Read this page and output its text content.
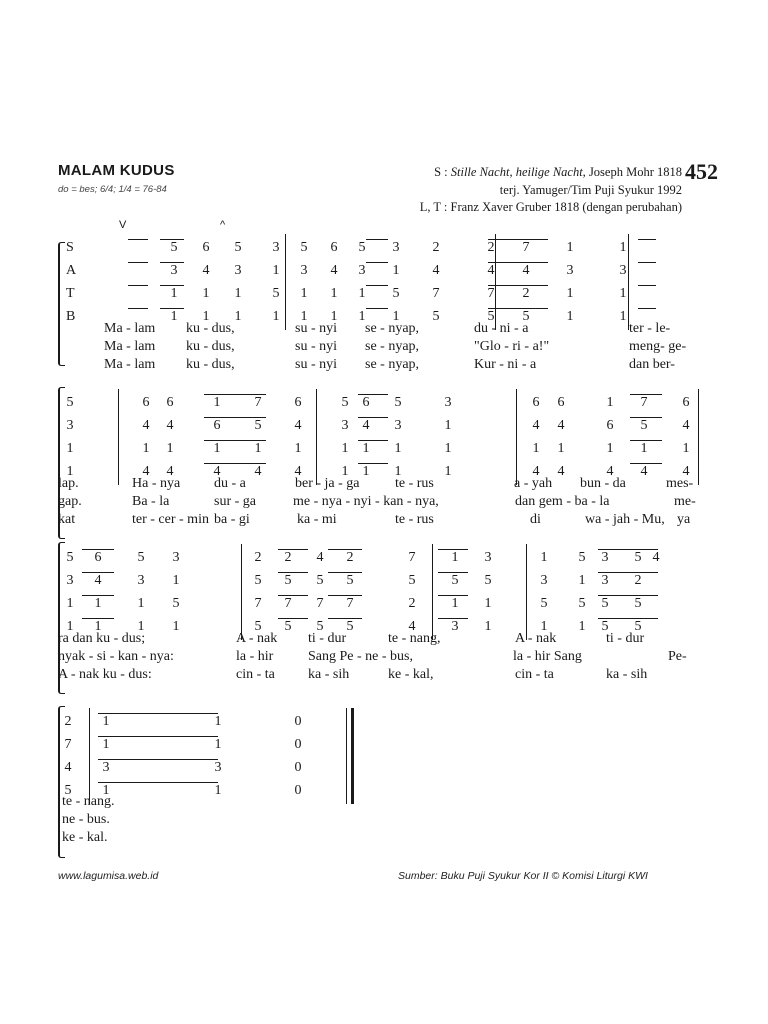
MALAM KUDUS
do = bes; 6/4; 1/4 = 76-84
S : Stille Nacht, heilige Nacht, Joseph Mohr 1818
terj. Yamuger/Tim Puji Syukur 1992
L, T : Franz Xaver Gruber 1818 (dengan perubahan)
452
V	^
S	5	6	5	3	5	6	5	3	2	2	7	1	1
A	3	4	3	1	3	4	3	1	4	4	4	3	3
T	1	1	1	5	1	1	1	5	7	7	2	1	1
B	1	1	1	1	1	1	1	1	5	5	5	1	1
Ma - lam ku - dus,	su - nyi se - nyap,	du - ni - a	ter - le-
Ma - lam ku - dus,	su - nyi se - nyap,	"Glo - ri - a!"	meng- ge-
Ma - lam ku - dus,	su - nyi se - nyap,	Kur - ni - a	dan ber-
5	6	6	1	7	6	5	6	5	3	6	6	1	7	6
3	4	4	6	5	4	3	4	3	1	4	4	6	5	4
1	1	1	1	1	1	1	1	1	1	1	1	1	1	1
1	4	4	4	4	4	1	1	1	1	4	4	4	4	4
lap.	Ha - nya du - a	ber - ja - ga	te - rus	a - yah bun - da	mes-
gap.	Ba - la	sur - ga	me - nya - nyi - kan - nya,	dan gem - ba - la	me-
kat	ter - cer - min ba - gi	ka - mi	te - rus	di	wa - jah - Mu, ya
5	6	5	3	2	2	4	2	7	1	3	1	5	3	5 4
3	4	3	1	5	5	5	5	5	5	5	3	1	3	2
1	1	1	5	7	7	7	7	2	1	1	5	5	5	5
1	1	1	1	5	5	5	5	4	3	1	1	1	5	5
ra dan ku - dus;	A - nak ti - dur	te - nang,	A - nak	ti - dur
nyak - si - kan - nya:	la - hir Sang Pe - ne - bus,	la - hir Sang	Pe-
A - nak ku - dus:	cin - ta ka - sih	ke - kal,	cin - ta	ka - sih
2	1	1	0
7	1	1	0
4	3	3	0
5	1	1	0
te - nang.
ne - bus.
ke - kal.
www.lagumisa.web.id	Sumber: Buku Puji Syukur Kor II © Komisi Liturgi KWI
